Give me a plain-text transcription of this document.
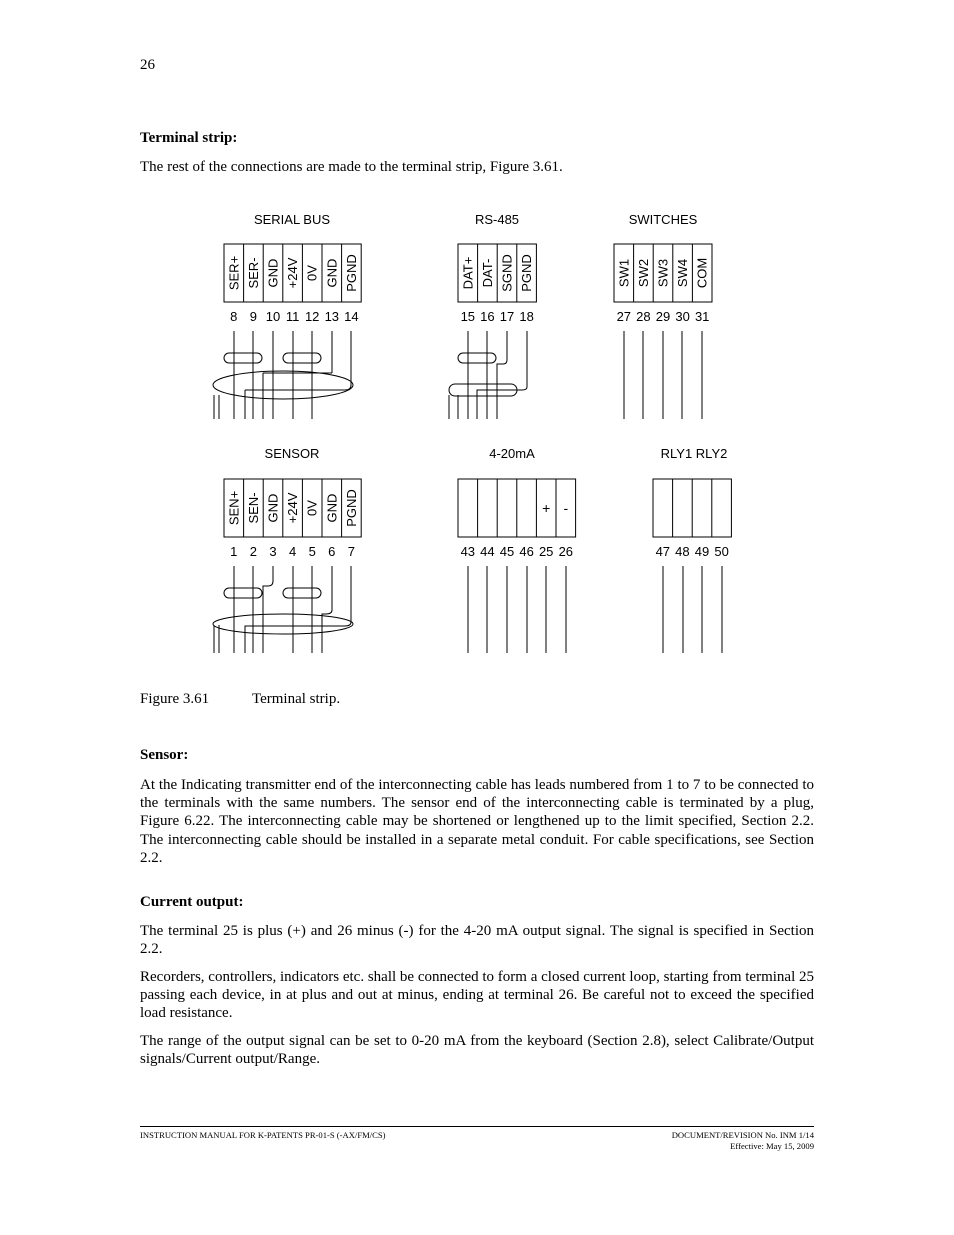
26
Terminal strip:
The rest of the connections are made to the terminal strip, Figure 3.61.
SERIAL BUS
SER+ SER- GND +24V 0V GND PGND
8 9 10 11 12 13 14
RS-485
DAT+ DAT- SGND PGND
15 16 17 18
SWITCHES
SW1 SW2 SW3 SW4 COM
27 28 29 30 31
SENSOR
SEN+ SEN- GND +24V 0V GND PGND
1 2 3 4 5 6 7
4-20mA
+ -
43 44 45 46 25 26
RLY1 RLY2
47 48 49 50
Figure 3.61	Terminal strip.
Sensor:
At the Indicating transmitter end of the interconnecting cable has leads numbered from 1 to 7 to be connected to the terminals with the same numbers. The sensor end of the interconnecting cable is terminated by a plug, Figure 6.22. The interconnecting cable may be shortened or lengthened up to the limit specified, Section 2.2. The interconnecting cable should be installed in a separate metal conduit. For cable specifications, see Section 2.2.
Current output:
The terminal 25 is plus (+) and 26 minus (-) for the 4-20 mA output signal. The signal is specified in Section 2.2.
Recorders, controllers, indicators etc. shall be connected to form a closed current loop, starting from terminal 25 passing each device, in at plus and out at minus, ending at terminal 26. Be careful not to exceed the specified load resistance.
The range of the output signal can be set to 0-20 mA from the keyboard (Section 2.8), select Calibrate/Output signals/Current output/Range.
INSTRUCTION MANUAL FOR K-PATENTS PR-01-S (-AX/FM/CS)	DOCUMENT/REVISION No. INM 1/14
Effective: May 15, 2009
